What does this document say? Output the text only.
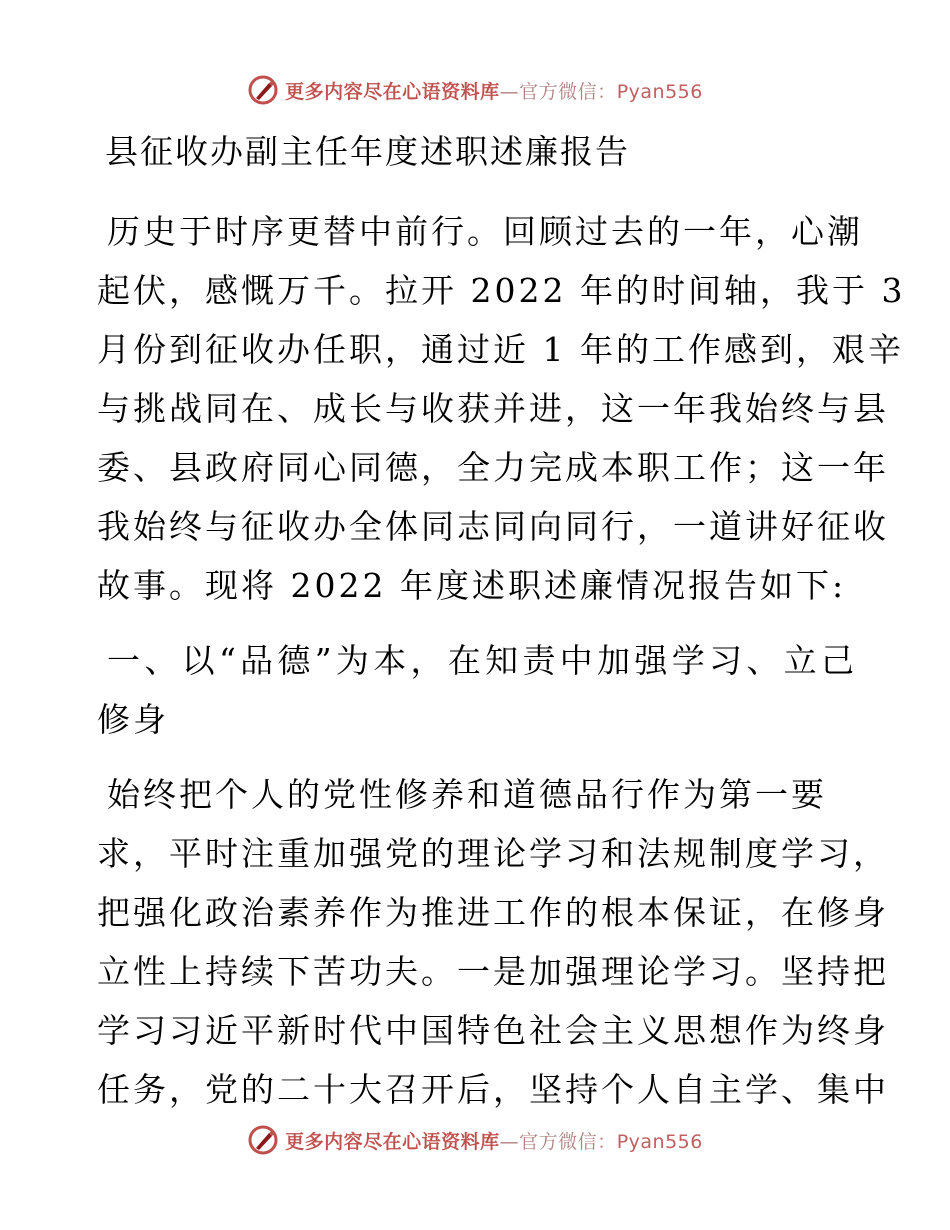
更多内容尽在心语资料库—官方微信：Pyan556
县征收办副主任年度述职述廉报告
历史于时序更替中前行。回顾过去的一年，心潮
起伏，感慨万千。拉开 2022 年的时间轴，我于 3
月份到征收办任职，通过近 1 年的工作感到，艰辛
与挑战同在、成长与收获并进，这一年我始终与县
委、县政府同心同德，全力完成本职工作；这一年
我始终与征收办全体同志同向同行，一道讲好征收
故事。现将 2022 年度述职述廉情况报告如下:
一、以“品德”为本，在知责中加强学习、立己
修身
始终把个人的党性修养和道德品行作为第一要
求，平时注重加强党的理论学习和法规制度学习，
把强化政治素养作为推进工作的根本保证，在修身
立性上持续下苦功夫。一是加强理论学习。坚持把
学习习近平新时代中国特色社会主义思想作为终身
任务，党的二十大召开后，坚持个人自主学、集中
更多内容尽在心语资料库—官方微信：Pyan556
